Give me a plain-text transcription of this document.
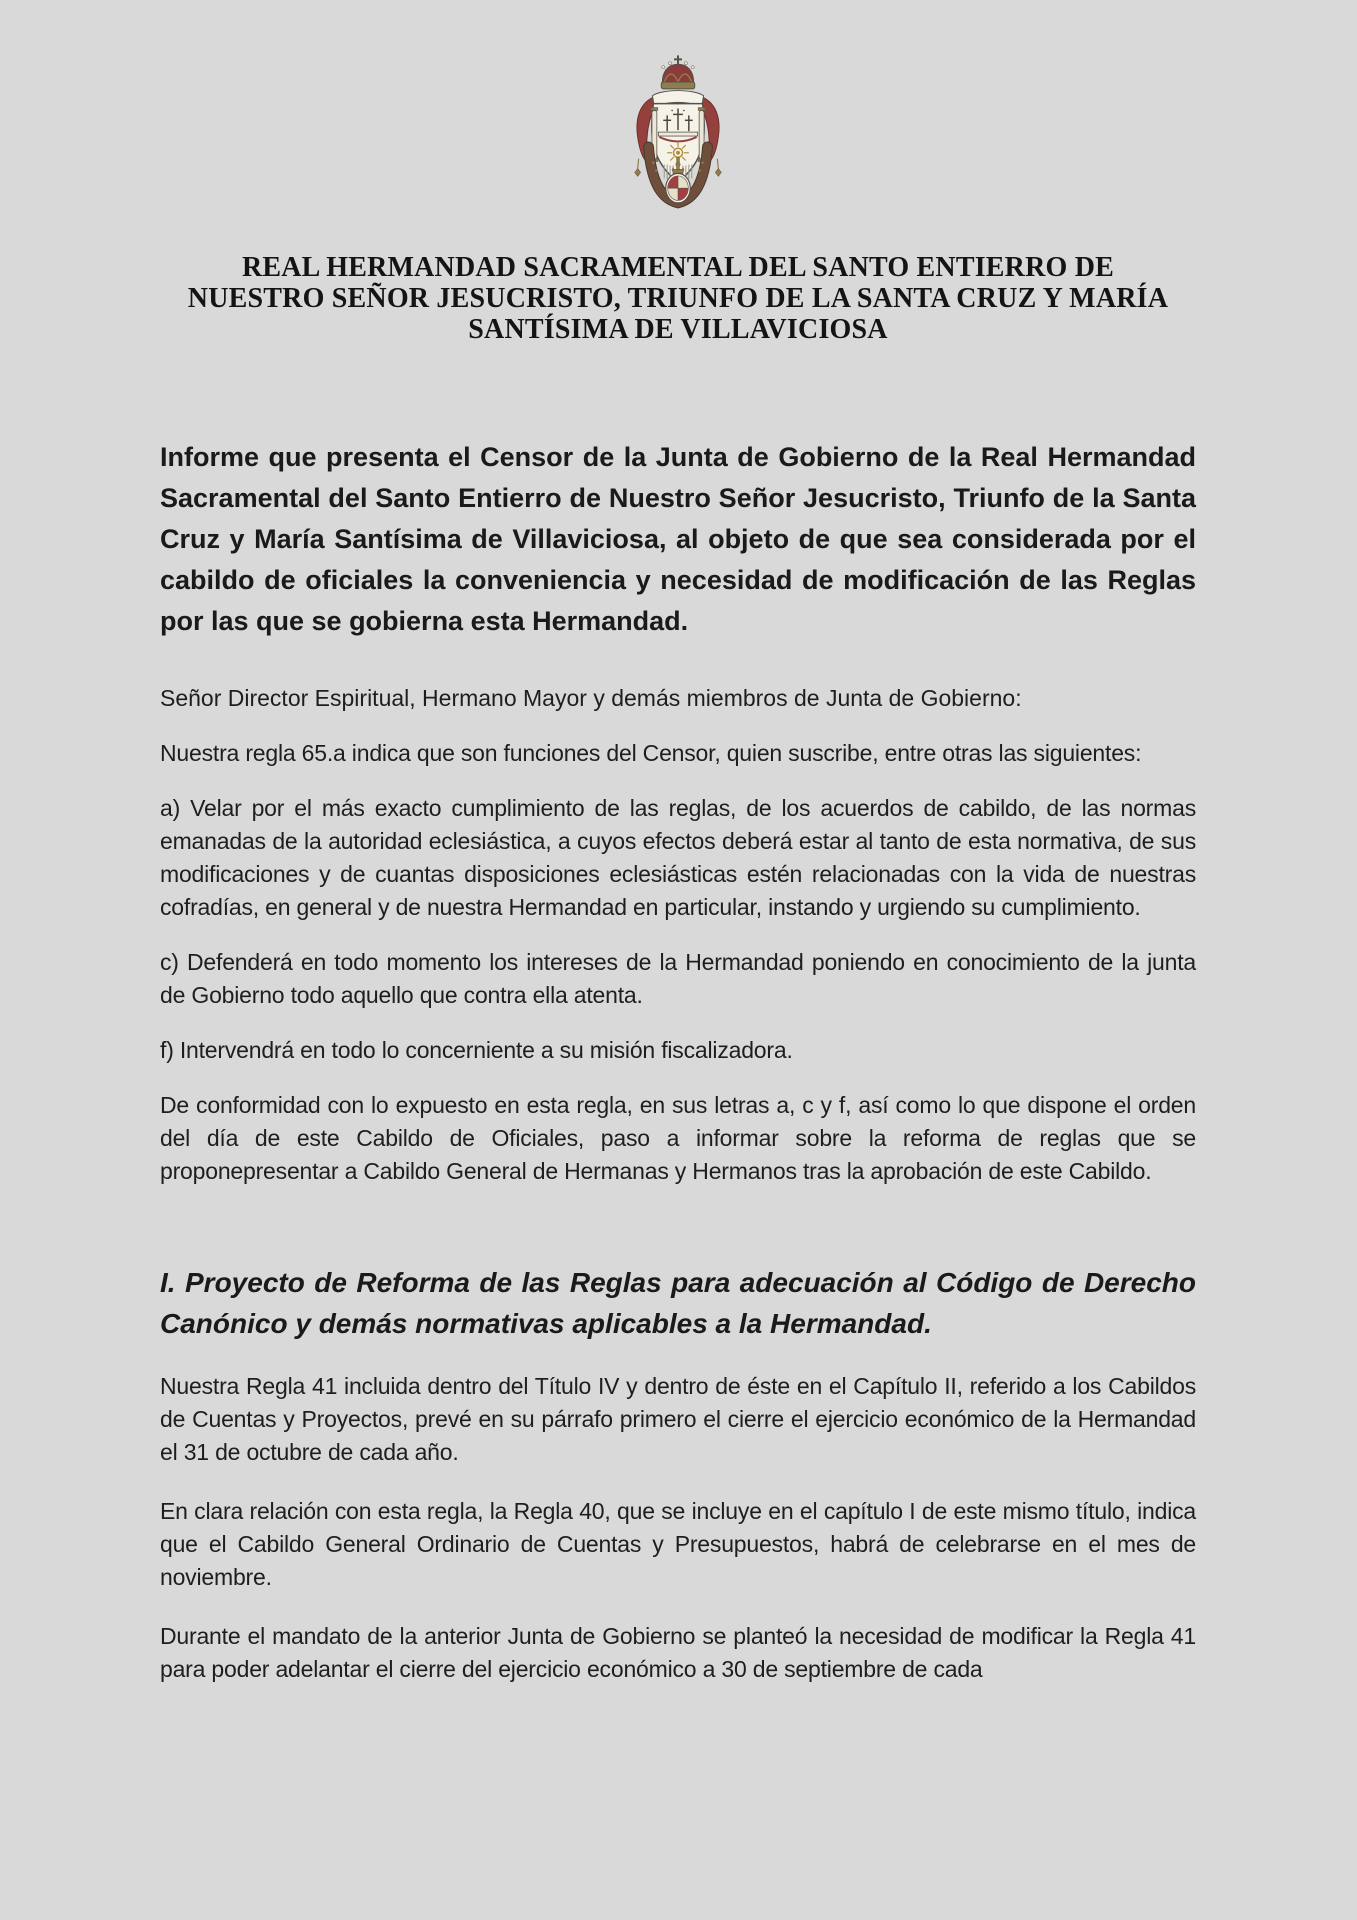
REAL HERMANDAD SACRAMENTAL DEL SANTO ENTIERRO DE
NUESTRO SEÑOR JESUCRISTO, TRIUNFO DE LA SANTA CRUZ Y MARÍA
SANTÍSIMA DE VILLAVICIOSA

Informe que presenta el Censor de la Junta de Gobierno de la Real Hermandad Sacramental del Santo Entierro de Nuestro Señor Jesucristo, Triunfo de la Santa Cruz y María Santísima de Villaviciosa, al objeto de que sea considerada por el cabildo de oficiales la conveniencia y necesidad de modificación de las Reglas por las que se gobierna esta Hermandad.

Señor Director Espiritual, Hermano Mayor y demás miembros de Junta de Gobierno:

Nuestra regla 65.a indica que son funciones del Censor, quien suscribe, entre otras las siguientes:

a) Velar por el más exacto cumplimiento de las reglas, de los acuerdos de cabildo, de las normas emanadas de la autoridad eclesiástica, a cuyos efectos deberá estar al tanto de esta normativa, de sus modificaciones y de cuantas disposiciones eclesiásticas estén relacionadas con la vida de nuestras cofradías, en general y de nuestra Hermandad en particular, instando y urgiendo su cumplimiento.

c) Defenderá en todo momento los intereses de la Hermandad poniendo en conocimiento de la junta de Gobierno todo aquello que contra ella atenta.

f) Intervendrá en todo lo concerniente a su misión fiscalizadora.

De conformidad con lo expuesto en esta regla, en sus letras a, c y f, así como lo que dispone el orden del día de este Cabildo de Oficiales, paso a informar sobre la reforma de reglas que se proponepresentar a Cabildo General de Hermanas y Hermanos tras la aprobación de este Cabildo.

I. Proyecto de Reforma de las Reglas para adecuación al Código de Derecho Canónico y demás normativas aplicables a la Hermandad.

Nuestra Regla 41 incluida dentro del Título IV y dentro de éste en el Capítulo II, referido a los Cabildos de Cuentas y Proyectos, prevé en su párrafo primero el cierre el ejercicio económico de la Hermandad el 31 de octubre de cada año.

En clara relación con esta regla, la Regla 40, que se incluye en el capítulo I de este mismo título, indica que el Cabildo General Ordinario de Cuentas y Presupuestos, habrá de celebrarse en el mes de noviembre.

Durante el mandato de la anterior Junta de Gobierno se planteó la necesidad de modificar la Regla 41 para poder adelantar el cierre del ejercicio económico a 30 de septiembre de cada
